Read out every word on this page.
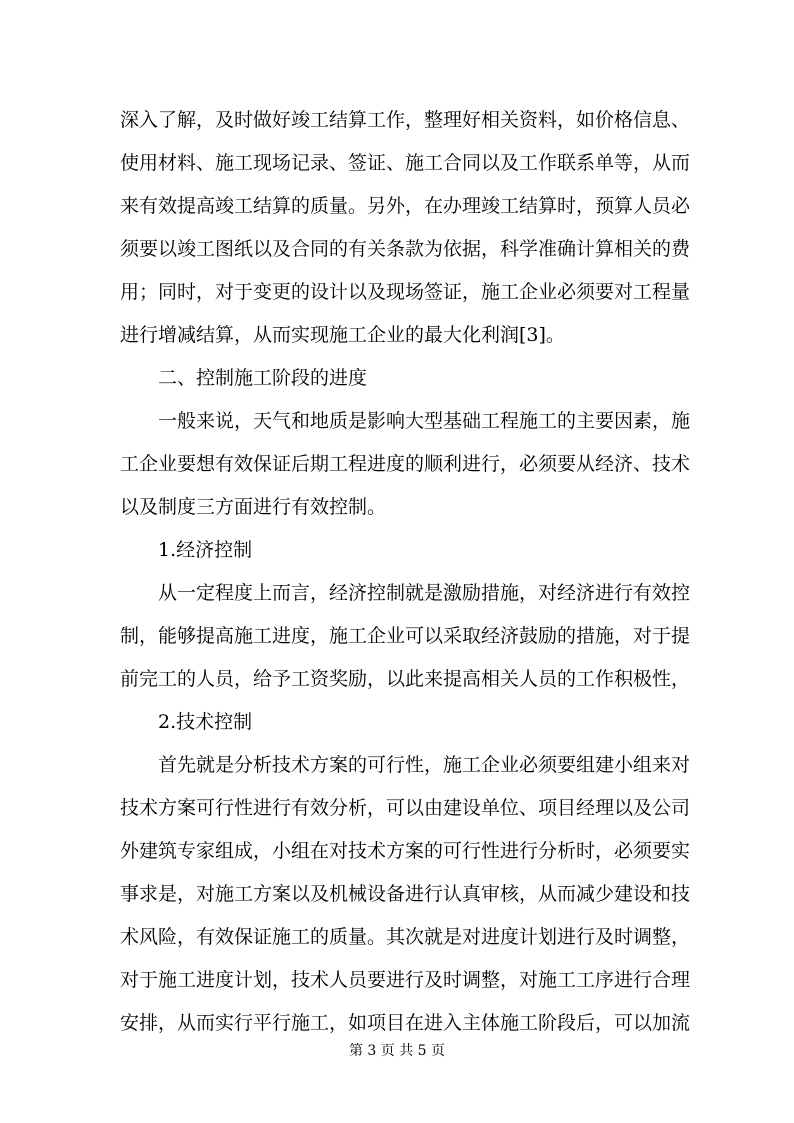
深入了解，及时做好竣工结算工作，整理好相关资料，如价格信息、
使用材料、施工现场记录、签证、施工合同以及工作联系单等，从而
来有效提高竣工结算的质量。另外，在办理竣工结算时，预算人员必
须要以竣工图纸以及合同的有关条款为依据，科学准确计算相关的费
用；同时，对于变更的设计以及现场签证，施工企业必须要对工程量
进行增减结算，从而实现施工企业的最大化利润[3]。
二、控制施工阶段的进度
一般来说，天气和地质是影响大型基础工程施工的主要因素，施
工企业要想有效保证后期工程进度的顺利进行，必须要从经济、技术
以及制度三方面进行有效控制。
1.经济控制
从一定程度上而言，经济控制就是激励措施，对经济进行有效控
制，能够提高施工进度，施工企业可以采取经济鼓励的措施，对于提
前完工的人员，给予工资奖励，以此来提高相关人员的工作积极性，
2.技术控制
首先就是分析技术方案的可行性，施工企业必须要组建小组来对
技术方案可行性进行有效分析，可以由建设单位、项目经理以及公司
外建筑专家组成，小组在对技术方案的可行性进行分析时，必须要实
事求是，对施工方案以及机械设备进行认真审核，从而减少建设和技
术风险，有效保证施工的质量。其次就是对进度计划进行及时调整，
对于施工进度计划，技术人员要进行及时调整，对施工工序进行合理
安排，从而实行平行施工，如项目在进入主体施工阶段后，可以加流
第 3 页 共 5 页
